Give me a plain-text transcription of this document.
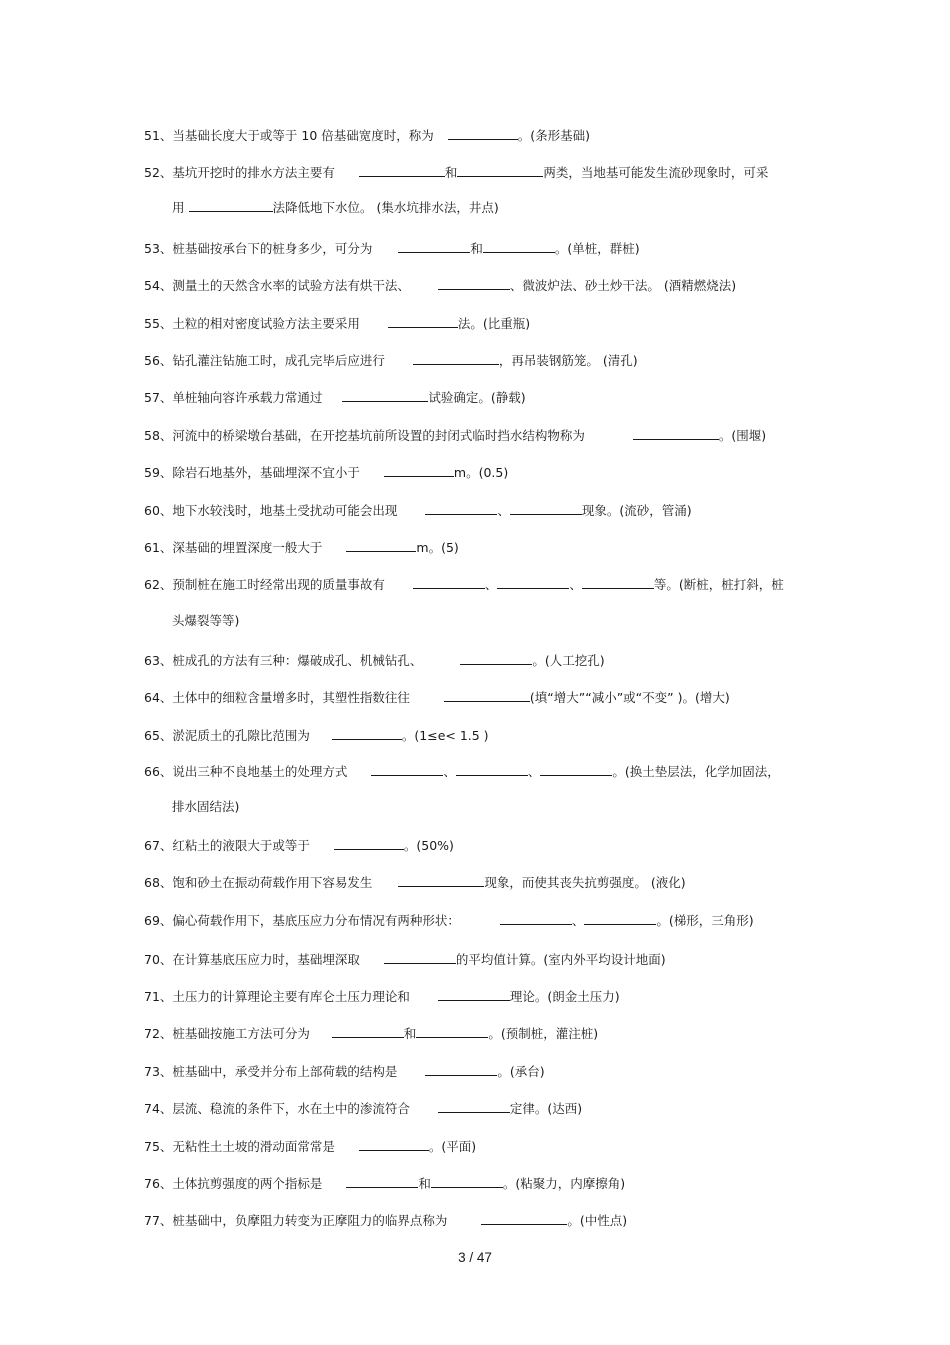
51、当基础长度大于或等于 10 倍基础宽度时，称为	。(条形基础)
52、基坑开挖时的排水方法主要有	和	两类，当地基可能发生流砂现象时，可采
用	法降低地下水位。 (集水坑排水法，井点)
53、桩基础按承台下的桩身多少，可分为	和	。(单桩，群桩)
54、测量土的天然含水率的试验方法有烘干法、	、微波炉法、砂土炒干法。 (酒精燃烧法)
55、土粒的相对密度试验方法主要采用	法。(比重瓶)
56、钻孔灌注钻施工时，成孔完毕后应进行	，再吊装钢筋笼。 (清孔)
57、单桩轴向容许承载力常通过	试验确定。(静载)
58、河流中的桥梁墩台基础，在开挖基坑前所设置的封闭式临时挡水结构物称为	。(围堰)
59、除岩石地基外，基础埋深不宜小于	m。(0.5)
60、地下水较浅时，地基土受扰动可能会出现	、	现象。(流砂，管涌)
61、深基础的埋置深度一般大于	m。(5)
62、预制桩在施工时经常出现的质量事故有	、	、	等。(断桩，桩打斜，桩
头爆裂等等)
63、桩成孔的方法有三种：爆破成孔、机械钻孔、	。(人工挖孔)
64、土体中的细粒含量增多时，其塑性指数往往	(填“增大”“减小”或“不变” )。(增大)
65、淤泥质土的孔隙比范围为	。(1≤e< 1.5 )
66、说出三种不良地基土的处理方式	、	、	。(换土垫层法，化学加固法，
排水固结法)
67、红粘土的液限大于或等于	。(50%)
68、饱和砂土在振动荷载作用下容易发生	现象，而使其丧失抗剪强度。 (液化)
69、偏心荷载作用下，基底压应力分布情况有两种形状：	、	。(梯形，三角形)
70、在计算基底压应力时，基础埋深取	的平均值计算。(室内外平均设计地面)
71、土压力的计算理论主要有库仑土压力理论和	理论。(朗金土压力)
72、桩基础按施工方法可分为	和	。(预制桩，灌注桩)
73、桩基础中，承受并分布上部荷载的结构是	。(承台)
74、层流、稳流的条件下，水在土中的渗流符合	定律。(达西)
75、无粘性土土坡的滑动面常常是	。(平面)
76、土体抗剪强度的两个指标是	和	。(粘聚力，内摩擦角)
77、桩基础中，负摩阻力转变为正摩阻力的临界点称为	。(中性点)
3 / 47
